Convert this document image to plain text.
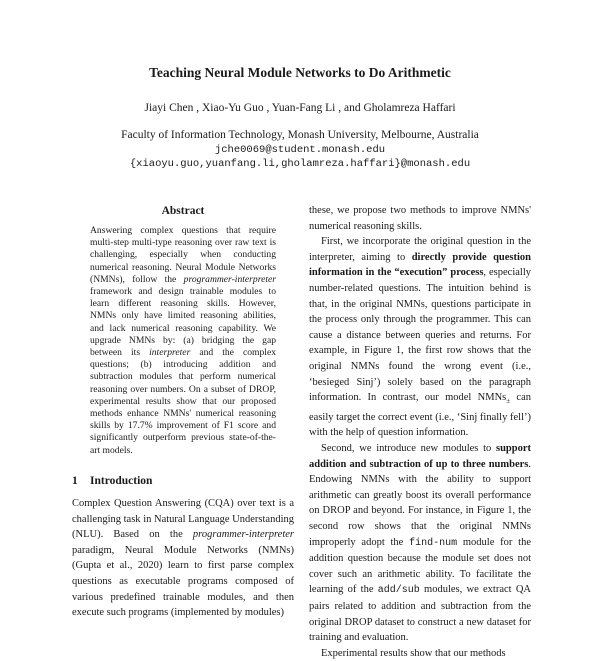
Teaching Neural Module Networks to Do Arithmetic
Jiayi Chen , Xiao-Yu Guo , Yuan-Fang Li , and Gholamreza Haffari
Faculty of Information Technology, Monash University, Melbourne, Australia
jche0069@student.monash.edu
{xiaoyu.guo,yuanfang.li,gholamreza.haffari}@monash.edu
Abstract

Answering complex questions that require multi-step multi-type reasoning over raw text is challenging, especially when conducting numerical reasoning. Neural Module Networks (NMNs), follow the programmer-interpreter framework and design trainable modules to learn different reasoning skills. However, NMNs only have limited reasoning abilities, and lack numerical reasoning capability. We upgrade NMNs by: (a) bridging the gap between its interpreter and the complex questions; (b) introducing addition and subtraction modules that perform numerical reasoning over numbers. On a subset of DROP, experimental results show that our proposed methods enhance NMNs' numerical reasoning skills by 17.7% improvement of F1 score and significantly outperform previous state-of-the-art models.

1 Introduction

Complex Question Answering (CQA) over text is a challenging task in Natural Language Understanding (NLU). Based on the programmer-interpreter paradigm, Neural Module Networks (NMNs) (Gupta et al., 2020) learn to first parse complex questions as executable programs composed of various predefined trainable modules, and then execute such programs (implemented by modules)

these, we propose two methods to improve NMNs' numerical reasoning skills.

First, we incorporate the original question in the interpreter, aiming to directly provide question information in the “execution” process, especially number-related questions. The intuition behind is that, in the original NMNs, questions participate in the process only through the programmer. This can cause a distance between queries and returns. For example, in Figure 1, the first row shows that the original NMNs found the wrong event (i.e., ‘besieged Sinj’) solely based on the paragraph information. In contrast, our model NMNs$_\pm$ can easily target the correct event (i.e., ‘Sinj finally fell’) with the help of question information.

Second, we introduce new modules to support addition and subtraction of up to three numbers. Endowing NMNs with the ability to support arithmetic can greatly boost its overall performance on DROP and beyond. For instance, in Figure 1, the second row shows that the original NMNs improperly adopt the find-num module for the addition question because the module set does not cover such an arithmetic ability. To facilitate the learning of the add/sub modules, we extract QA pairs related to addition and subtraction from the original DROP dataset to construct a new dataset for training and evaluation.

Experimental results show that our methods
